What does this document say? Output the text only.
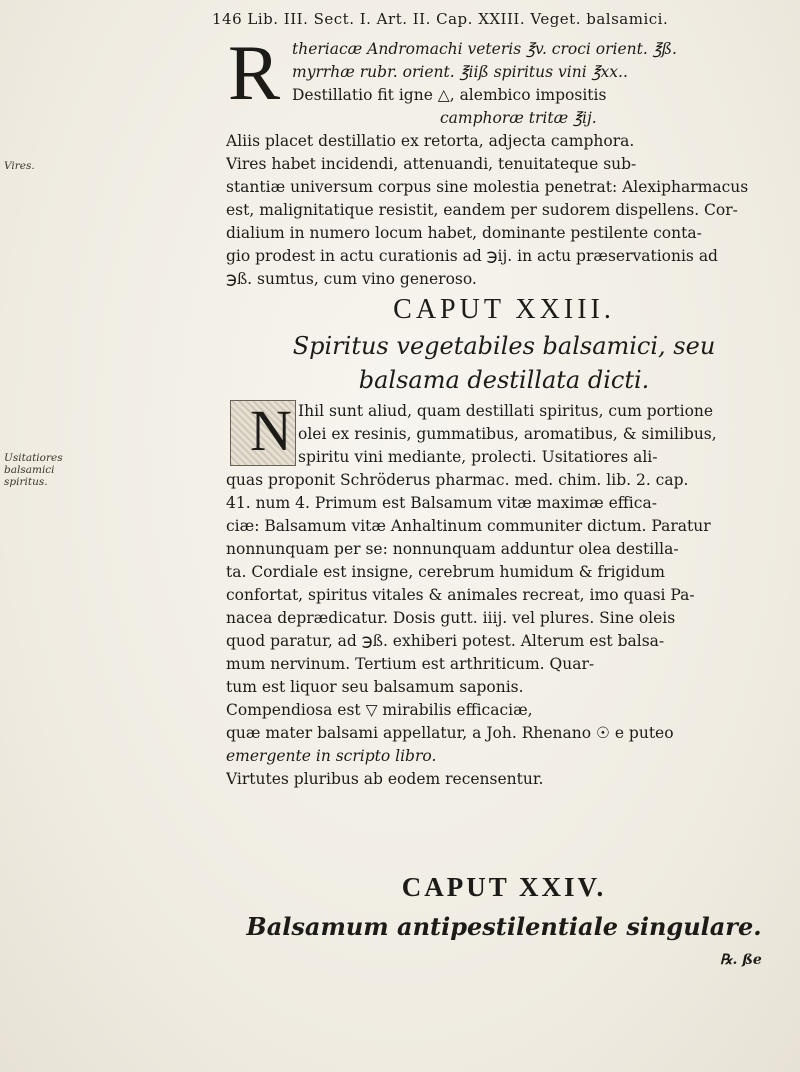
146 Lib. III. Sect. I. Art. II. Cap. XXIII. Veget. balsamici.
R theriacæ Andromachi veteris ℥v. croci orient. ℥ß.
myrrhæ rubr. orient. ℥iiß spiritus vini ℥xx..
Destillatio fit igne △, alembico impositis
camphoræ tritæ ℥ij.
Vires.
Aliis placet destillatio ex retorta, adjecta camphora.
Vires habet incidendi, attenuandi, tenuitateque sub-
stantiæ universum corpus sine molestia penetrat: Alexipharmacus
est, malignitatique resistit, eandem per sudorem dispellens. Cor-
dialium in numero locum habet, dominante pestilente conta-
gio prodest in actu curationis ad ℈ij. in actu præservationis ad
℈ß. sumtus, cum vino generoso.
CAPUT XXIII.
Spiritus vegetabiles balsamici, seu
balsama destillata dicti.
N
Usitatiores balsamici spiritus.
Ihil sunt aliud, quam destillati spiritus, cum portione
olei ex resinis, gummatibus, aromatibus, & similibus,
spiritu vini mediante, prolecti. Usitatiores ali-
quas proponit Schröderus pharmac. med. chim. lib. 2. cap.
41. num 4. Primum est Balsamum vitæ maximæ effica-
ciæ: Balsamum vitæ Anhaltinum communiter dictum. Paratur
nonnunquam per se: nonnunquam adduntur olea destilla-
ta. Cordiale est insigne, cerebrum humidum & frigidum
confortat, spiritus vitales & animales recreat, imo quasi Pa-
nacea deprædicatur. Dosis gutt. iiij. vel plures. Sine oleis
quod paratur, ad ℈ß. exhiberi potest. Alterum est balsa-
mum nervinum. Tertium est arthriticum. Quar-
tum est liquor seu balsamum saponis.
Compendiosa est ▽ mirabilis efficaciæ,
quæ mater balsami appellatur, a Joh. Rhenano ☉ e puteo
emergente in scripto libro.
Virtutes pluribus ab eodem recensentur.
CAPUT XXIV.
Balsamum antipestilentiale singulare.
℞. ße
